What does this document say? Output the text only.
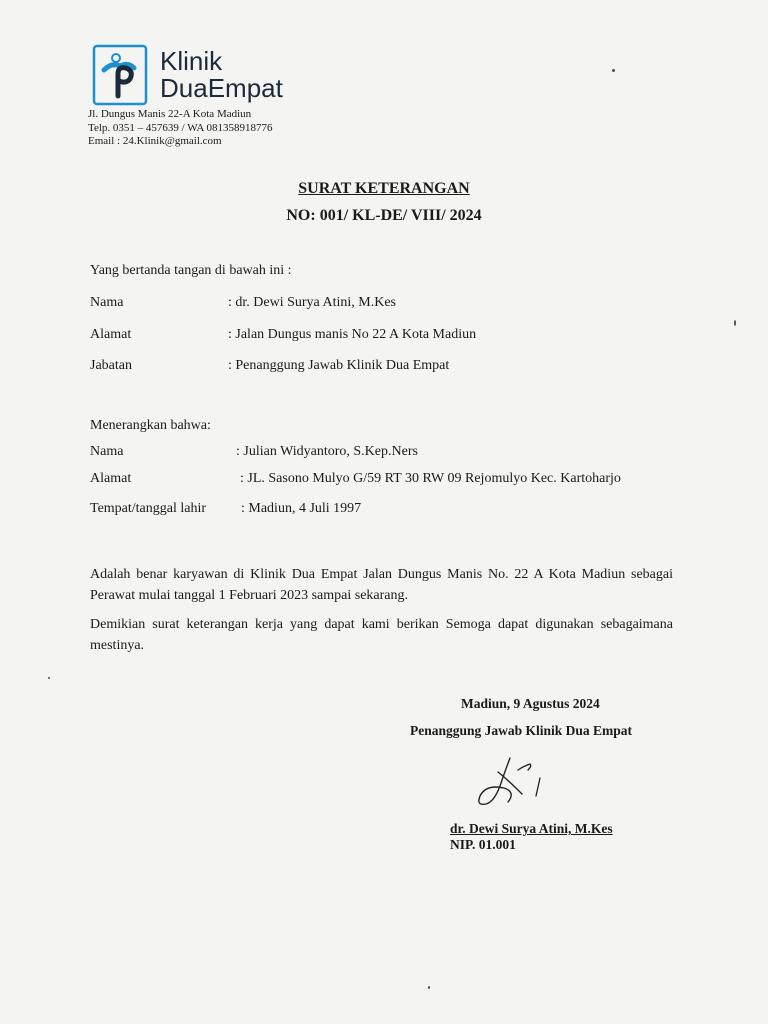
Klinik
DuaEmpat
Jl. Dungus Manis 22-A Kota Madiun
Telp. 0351 – 457639 / WA 081358918776
Email : 24.Klinik@gmail.com
SURAT KETERANGAN
NO: 001/ KL-DE/ VIII/ 2024
Yang bertanda tangan di bawah ini :
Nama	: dr. Dewi Surya Atini, M.Kes
Alamat	: Jalan Dungus manis No 22 A Kota Madiun
Jabatan	: Penanggung Jawab Klinik Dua Empat
Menerangkan bahwa:
Nama	: Julian Widyantoro, S.Kep.Ners
Alamat	: JL. Sasono Mulyo G/59 RT 30 RW 09 Rejomulyo Kec. Kartoharjo
Tempat/tanggal lahir : Madiun, 4 Juli 1997
Adalah benar karyawan di Klinik Dua Empat Jalan Dungus Manis No. 22 A Kota Madiun sebagai Perawat mulai tanggal 1 Februari 2023 sampai sekarang.
Demikian surat keterangan kerja yang dapat kami berikan Semoga dapat digunakan sebagaimana mestinya.
Madiun, 9 Agustus 2024
Penanggung Jawab Klinik Dua Empat
dr. Dewi Surya Atini, M.Kes
NIP. 01.001
